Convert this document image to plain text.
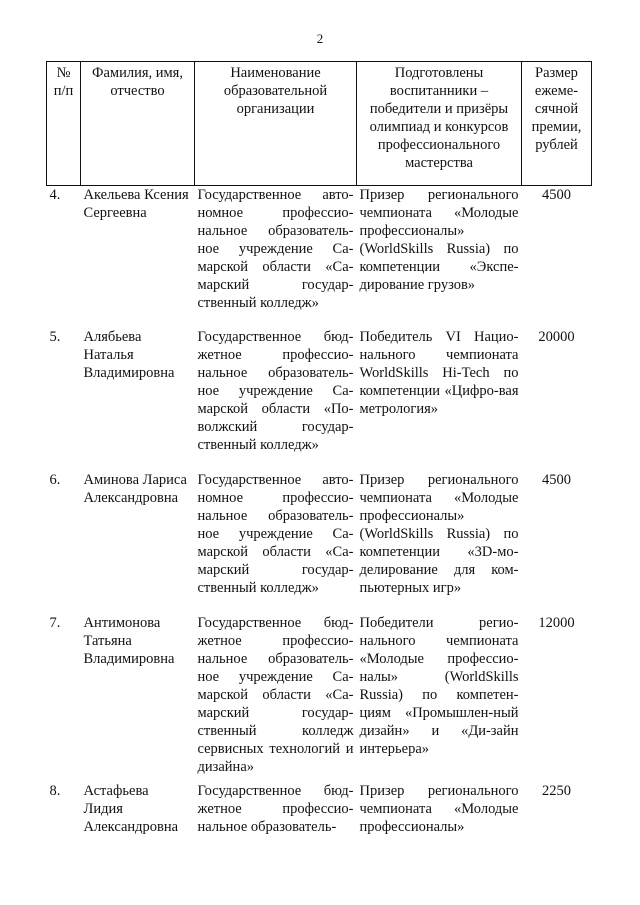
2
№ п/п	Фамилия, имя, отчество	Наименование образовательной организации	Подготовлены воспитанники – победители и призёры олимпиад и конкурсов профессионального мастерства	Размер ежеме-сячной премии, рублей
4.	Акельева Ксения Сергеевна	Государственное авто-номное профессио-нальное образователь-ное учреждение Са-марской области «Са-марский государ-ственный колледж»	Призер регионального чемпионата «Молодые профессионалы» (WorldSkills Russia) по компетенции «Экспе-дирование грузов»	4500
5.	Алябьева Наталья Владимировна	Государственное бюд-жетное профессио-нальное образователь-ное учреждение Са-марской области «По-волжский государ-ственный колледж»	Победитель VI Нацио-нального чемпионата WorldSkills Hi-Tech по компетенции «Цифро-вая метрология»	20000
6.	Аминова Лариса Александровна	Государственное авто-номное профессио-нальное образователь-ное учреждение Са-марской области «Са-марский государ-ственный колледж»	Призер регионального чемпионата «Молодые профессионалы» (WorldSkills Russia) по компетенции «3D-мо-делирование для ком-пьютерных игр»	4500
7.	Антимонова Татьяна Владимировна	Государственное бюд-жетное профессио-нальное образователь-ное учреждение Са-марской области «Са-марский государ-ственный колледж сервисных технологий и дизайна»	Победители регио-нального чемпионата «Молодые профессио-налы» (WorldSkills Russia) по компетен-циям «Промышлен-ный дизайн» и «Ди-зайн интерьера»	12000
8.	Астафьева Лидия Александровна	Государственное бюд-жетное профессио-нальное образователь-	Призер регионального чемпионата «Молодые профессионалы»	2250
